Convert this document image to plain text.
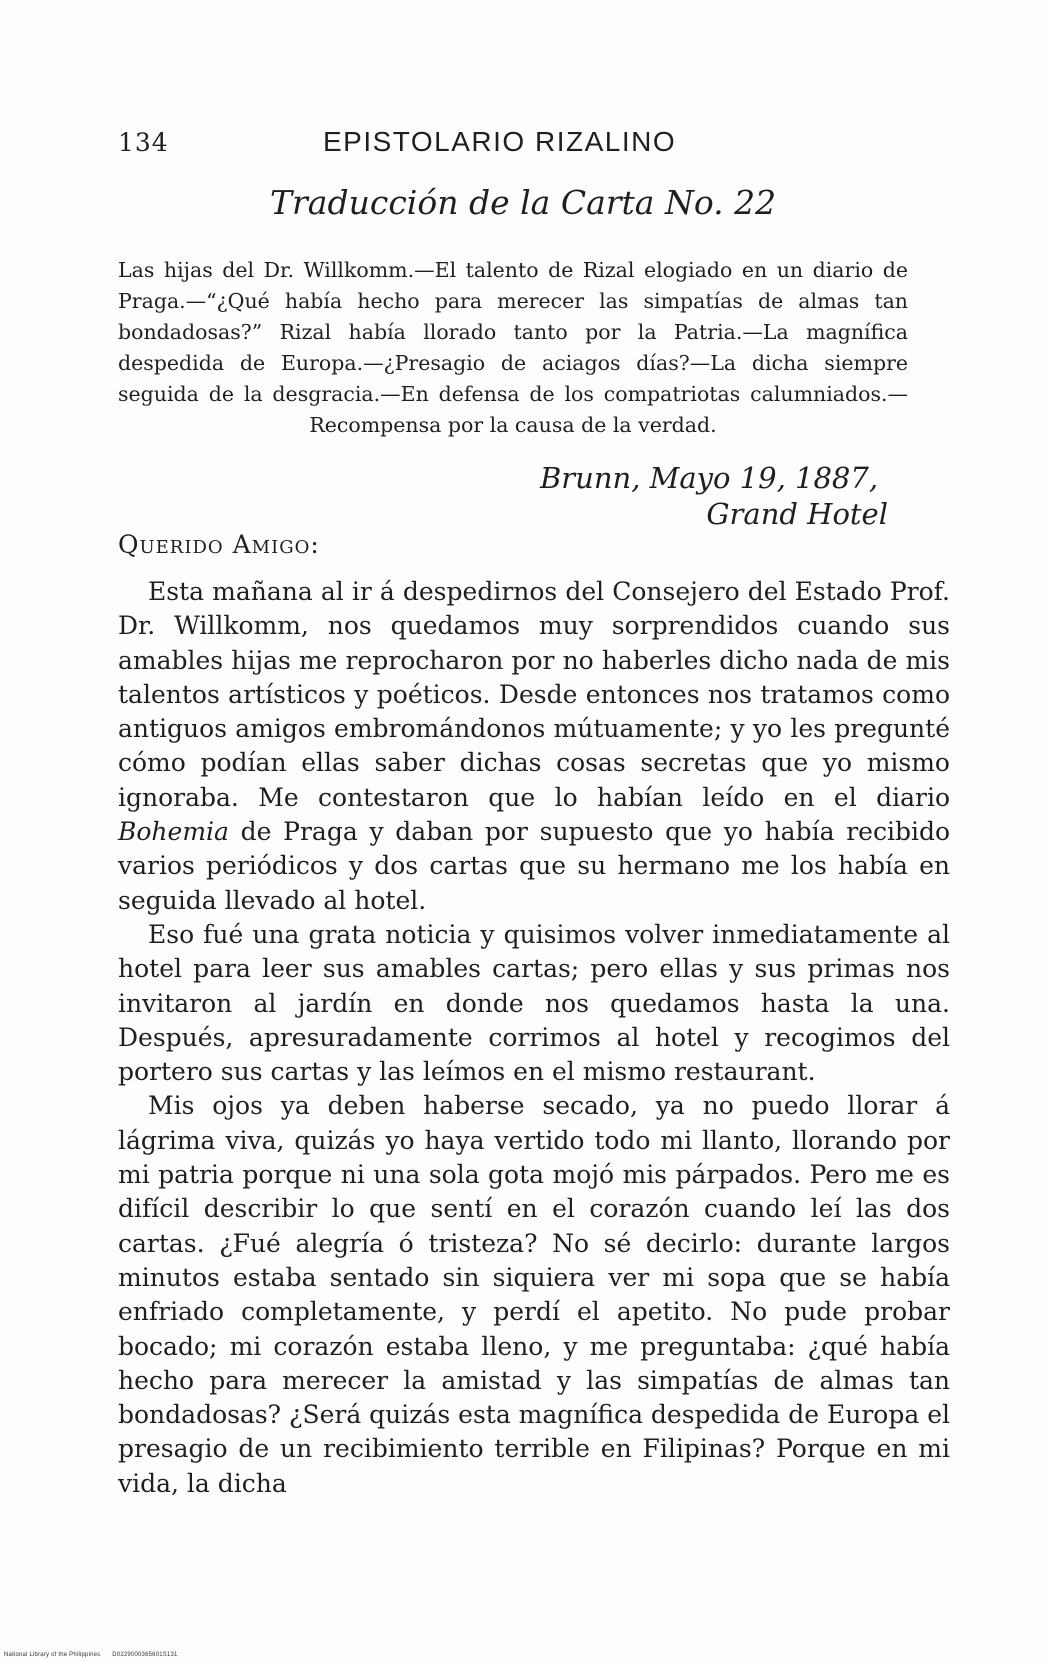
134	EPISTOLARIO RIZALINO
Traducción de la Carta No. 22
Las hijas del Dr. Willkomm.—El talento de Rizal elogiado en un diario de Praga.—“¿Qué había hecho para merecer las simpatías de almas tan bondadosas?” Rizal había llorado tanto por la Patria.—La magnífica despedida de Europa.—¿Presagio de aciagos días?—La dicha siempre seguida de la desgracia.—En defensa de los compatriotas calumniados.—Recompensa por la causa de la verdad.
Brunn, Mayo 19, 1887,
Grand Hotel
Querido Amigo:

Esta mañana al ir á despedirnos del Consejero del Estado Prof. Dr. Willkomm, nos quedamos muy sorprendidos cuando sus amables hijas me reprocharon por no haberles dicho nada de mis talentos artísticos y poéticos. Desde entonces nos tratamos como antiguos amigos embromándonos mútuamente; y yo les pregunté cómo podían ellas saber dichas cosas secretas que yo mismo ignoraba. Me contestaron que lo habían leído en el diario Bohemia de Praga y daban por supuesto que yo había recibido varios periódicos y dos cartas que su hermano me los había en seguida llevado al hotel.

Eso fué una grata noticia y quisimos volver inmediatamente al hotel para leer sus amables cartas; pero ellas y sus primas nos invitaron al jardín en donde nos quedamos hasta la una. Después, apresuradamente corrimos al hotel y recogimos del portero sus cartas y las leímos en el mismo restaurant.

Mis ojos ya deben haberse secado, ya no puedo llorar á lágrima viva, quizás yo haya vertido todo mi llanto, llorando por mi patria porque ni una sola gota mojó mis párpados. Pero me es difícil describir lo que sentí en el corazón cuando leí las dos cartas. ¿Fué alegría ó tristeza? No sé decirlo: durante largos minutos estaba sentado sin siquiera ver mi sopa que se había enfriado completamente, y perdí el apetito. No pude probar bocado; mi corazón estaba lleno, y me preguntaba: ¿qué había hecho para merecer la amistad y las simpatías de almas tan bondadosas? ¿Será quizás esta magnífica despedida de Europa el presagio de un recibimiento terrible en Filipinas? Porque en mi vida, la dicha

National Library of the Philippines D0229000365601S131
